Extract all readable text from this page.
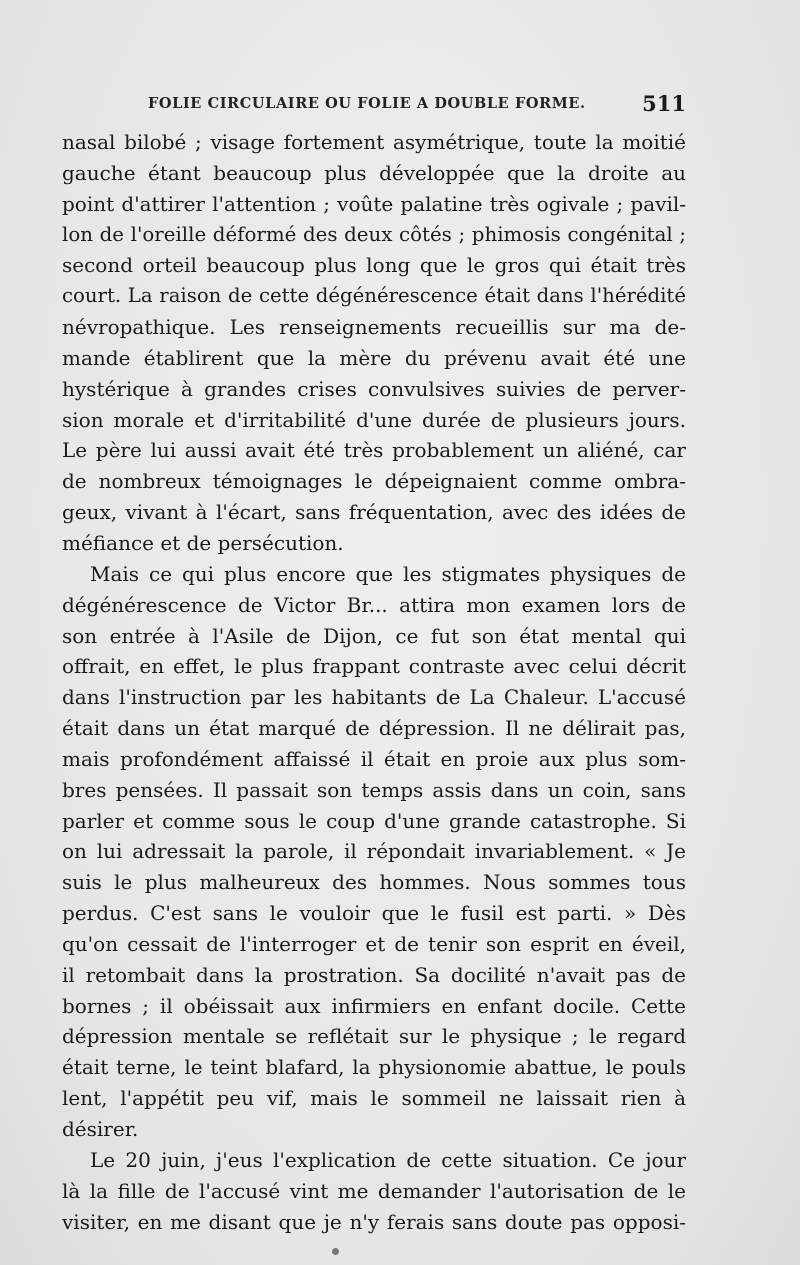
FOLIE CIRCULAIRE OU FOLIE A DOUBLE FORME.	511
nasal bilobé ; visage fortement asymétrique, toute la moitié
gauche étant beaucoup plus développée que la droite au
point d'attirer l'attention ; voûte palatine très ogivale ; pavil-
lon de l'oreille déformé des deux côtés ; phimosis congénital ;
second orteil beaucoup plus long que le gros qui était très
court. La raison de cette dégénérescence était dans l'hérédité
névropathique. Les renseignements recueillis sur ma de-
mande établirent que la mère du prévenu avait été une
hystérique à grandes crises convulsives suivies de perver-
sion morale et d'irritabilité d'une durée de plusieurs jours.
Le père lui aussi avait été très probablement un aliéné, car
de nombreux témoignages le dépeignaient comme ombra-
geux, vivant à l'écart, sans fréquentation, avec des idées de
méfiance et de persécution.
Mais ce qui plus encore que les stigmates physiques de
dégénérescence de Victor Br... attira mon examen lors de
son entrée à l'Asile de Dijon, ce fut son état mental qui
offrait, en effet, le plus frappant contraste avec celui décrit
dans l'instruction par les habitants de La Chaleur. L'accusé
était dans un état marqué de dépression. Il ne délirait pas,
mais profondément affaissé il était en proie aux plus som-
bres pensées. Il passait son temps assis dans un coin, sans
parler et comme sous le coup d'une grande catastrophe. Si
on lui adressait la parole, il répondait invariablement. « Je
suis le plus malheureux des hommes. Nous sommes tous
perdus. C'est sans le vouloir que le fusil est parti. » Dès
qu'on cessait de l'interroger et de tenir son esprit en éveil,
il retombait dans la prostration. Sa docilité n'avait pas de
bornes ; il obéissait aux infirmiers en enfant docile. Cette
dépression mentale se reflétait sur le physique ; le regard
était terne, le teint blafard, la physionomie abattue, le pouls
lent, l'appétit peu vif, mais le sommeil ne laissait rien à
désirer.
Le 20 juin, j'eus l'explication de cette situation. Ce jour
là la fille de l'accusé vint me demander l'autorisation de le
visiter, en me disant que je n'y ferais sans doute pas opposi-
